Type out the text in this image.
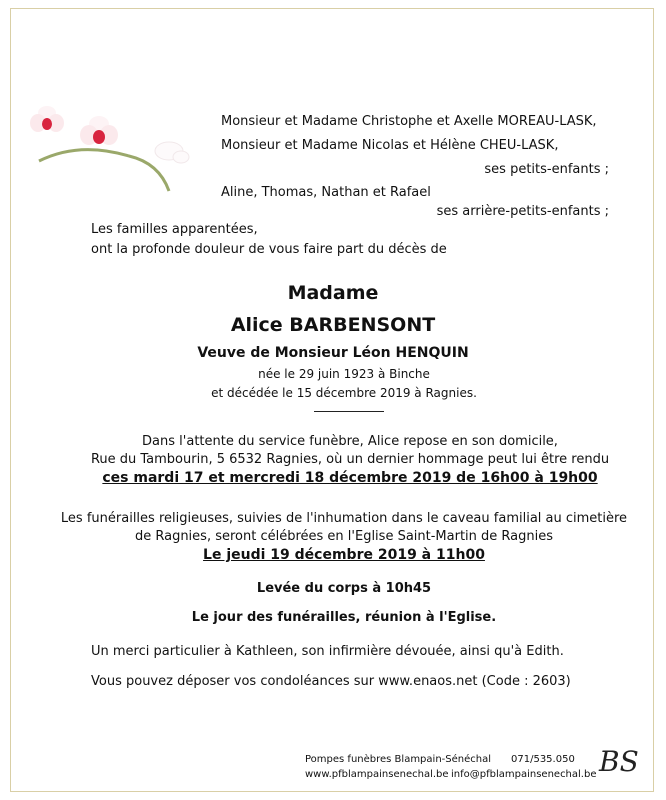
Monsieur et Madame Christophe et Axelle MOREAU-LASK,
Monsieur et Madame Nicolas et Hélène CHEU-LASK,
ses petits-enfants ;
Aline, Thomas, Nathan et Rafael
ses arrière-petits-enfants ;
Les familles apparentées,
ont la profonde douleur de vous faire part du décès de
Madame
Alice BARBENSONT
Veuve de Monsieur Léon HENQUIN
née le 29 juin 1923 à Binche
et décédée le 15 décembre 2019 à Ragnies.
Dans l'attente du service funèbre, Alice repose en son domicile,
Rue du Tambourin, 5 6532 Ragnies, où un dernier hommage peut lui être rendu
ces mardi 17 et mercredi 18 décembre 2019 de 16h00 à 19h00
Les funérailles religieuses, suivies de l'inhumation dans le caveau familial au cimetière
de Ragnies, seront célébrées en l'Eglise Saint-Martin de Ragnies
Le jeudi 19 décembre 2019 à 11h00
Levée du corps à 10h45
Le jour des funérailles, réunion à l'Eglise.
Un merci particulier à Kathleen, son infirmière dévouée, ainsi qu'à Edith.
Vous pouvez déposer vos condoléances sur www.enaos.net (Code : 2603)
Pompes funèbres Blampain-Sénéchal 071/535.050
www.pfblampainsenechal.be info@pfblampainsenechal.be BS
